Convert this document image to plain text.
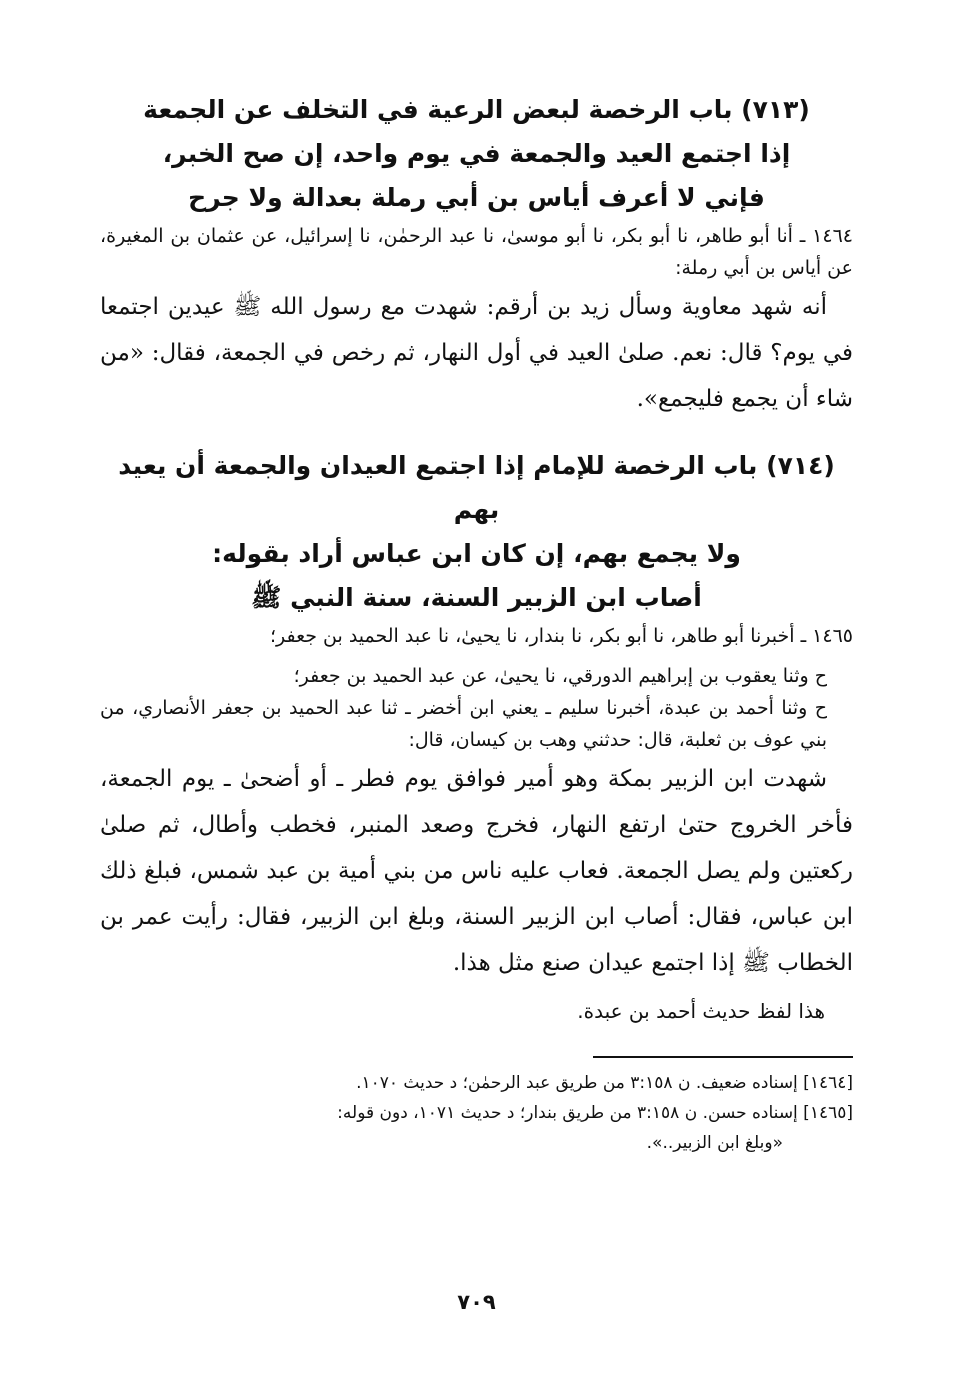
(٧١٣) باب الرخصة لبعض الرعية في التخلف عن الجمعة
إذا اجتمع العيد والجمعة في يوم واحد، إن صح الخبر،
فإني لا أعرف أياس بن أبي رملة بعدالة ولا جرح

١٤٦٤ ـ أنا أبو طاهر، نا أبو بكر، نا أبو موسىٰ، نا عبد الرحمٰن، نا إسرائيل، عن عثمان بن المغيرة، عن أياس بن أبي رملة:

أنه شهد معاوية وسأل زيد بن أرقم: شهدت مع رسول الله ﷺ عيدين اجتمعا في يوم؟ قال: نعم. صلىٰ العيد في أول النهار، ثم رخص في الجمعة، فقال: «من شاء أن يجمع فليجمع».

(٧١٤) باب الرخصة للإمام إذا اجتمع العيدان والجمعة أن يعيد بهم
ولا يجمع بهم، إن كان ابن عباس أراد بقوله:
أصاب ابن الزبير السنة، سنة النبي ﷺ

١٤٦٥ ـ أخبرنا أبو طاهر، نا أبو بكر، نا بندار، نا يحيىٰ، نا عبد الحميد بن جعفر؛

ح وثنا يعقوب بن إبراهيم الدورقي، نا يحيىٰ، عن عبد الحميد بن جعفر؛

ح وثنا أحمد بن عبدة، أخبرنا سليم ـ يعني ابن أخضر ـ ثنا عبد الحميد بن جعفر الأنصاري، من بني عوف بن ثعلبة، قال: حدثني وهب بن كيسان، قال:

شهدت ابن الزبير بمكة وهو أمير فوافق يوم فطر ـ أو أضحىٰ ـ يوم الجمعة، فأخر الخروج حتىٰ ارتفع النهار، فخرج وصعد المنبر، فخطب وأطال، ثم صلىٰ ركعتين ولم يصل الجمعة. فعاب عليه ناس من بني أمية بن عبد شمس، فبلغ ذلك ابن عباس، فقال: أصاب ابن الزبير السنة، وبلغ ابن الزبير، فقال: رأيت عمر بن الخطاب ﷺ إذا اجتمع عيدان صنع مثل هذا.

هذا لفظ حديث أحمد بن عبدة.

[١٤٦٤] إسناده ضعيف. ن ٣:١٥٨ من طريق عبد الرحمٰن؛ د حديث ١٠٧٠.

[١٤٦٥] إسناده حسن. ن ٣:١٥٨ من طريق بندار؛ د حديث ١٠٧١، دون قوله:
«وبلغ ابن الزبير..».

٧٠٩
